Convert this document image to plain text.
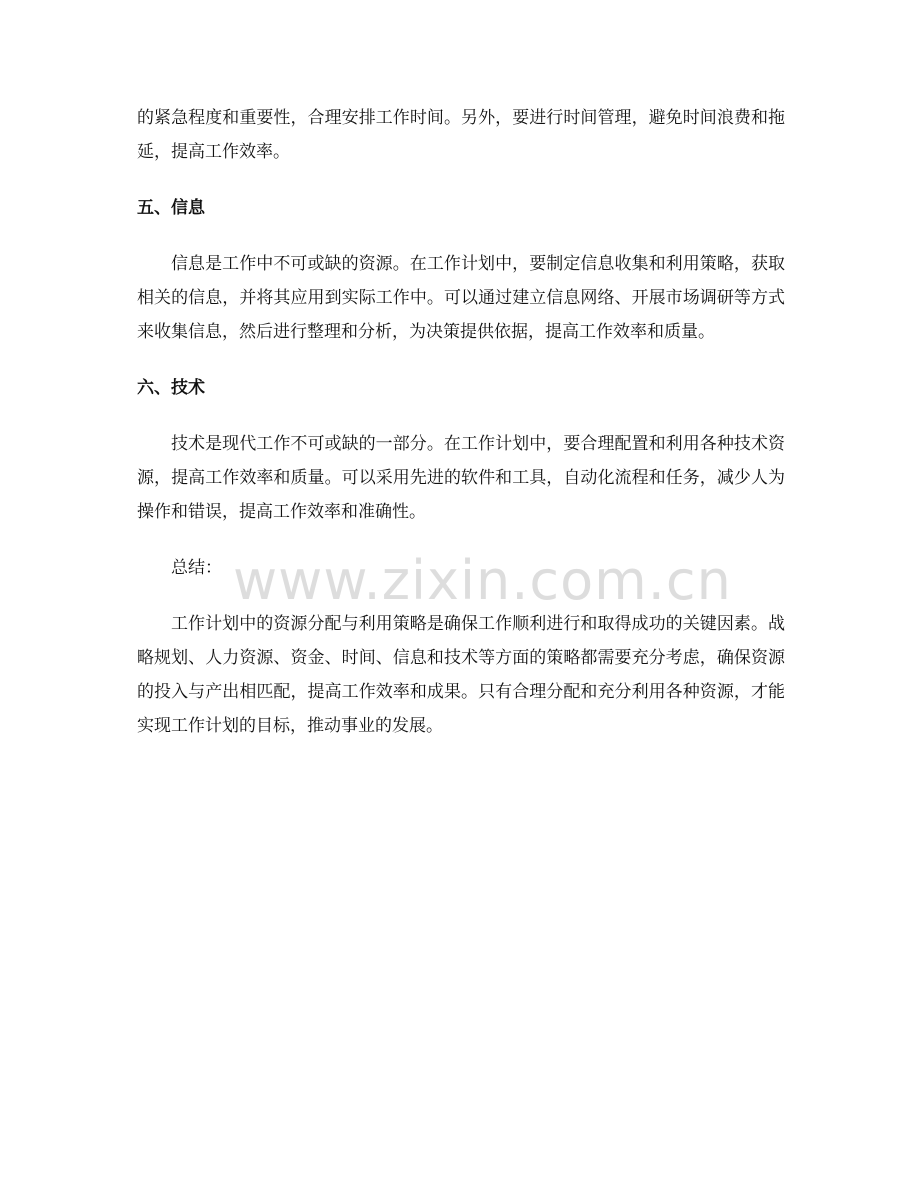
的紧急程度和重要性，合理安排工作时间。另外，要进行时间管理，避免时间浪费和拖延，提高工作效率。

五、信息

信息是工作中不可或缺的资源。在工作计划中，要制定信息收集和利用策略，获取相关的信息，并将其应用到实际工作中。可以通过建立信息网络、开展市场调研等方式来收集信息，然后进行整理和分析，为决策提供依据，提高工作效率和质量。

六、技术

技术是现代工作不可或缺的一部分。在工作计划中，要合理配置和利用各种技术资源，提高工作效率和质量。可以采用先进的软件和工具，自动化流程和任务，减少人为操作和错误，提高工作效率和准确性。

总结：

工作计划中的资源分配与利用策略是确保工作顺利进行和取得成功的关键因素。战略规划、人力资源、资金、时间、信息和技术等方面的策略都需要充分考虑，确保资源的投入与产出相匹配，提高工作效率和成果。只有合理分配和充分利用各种资源，才能实现工作计划的目标，推动事业的发展。

www.zixin.com.cn
